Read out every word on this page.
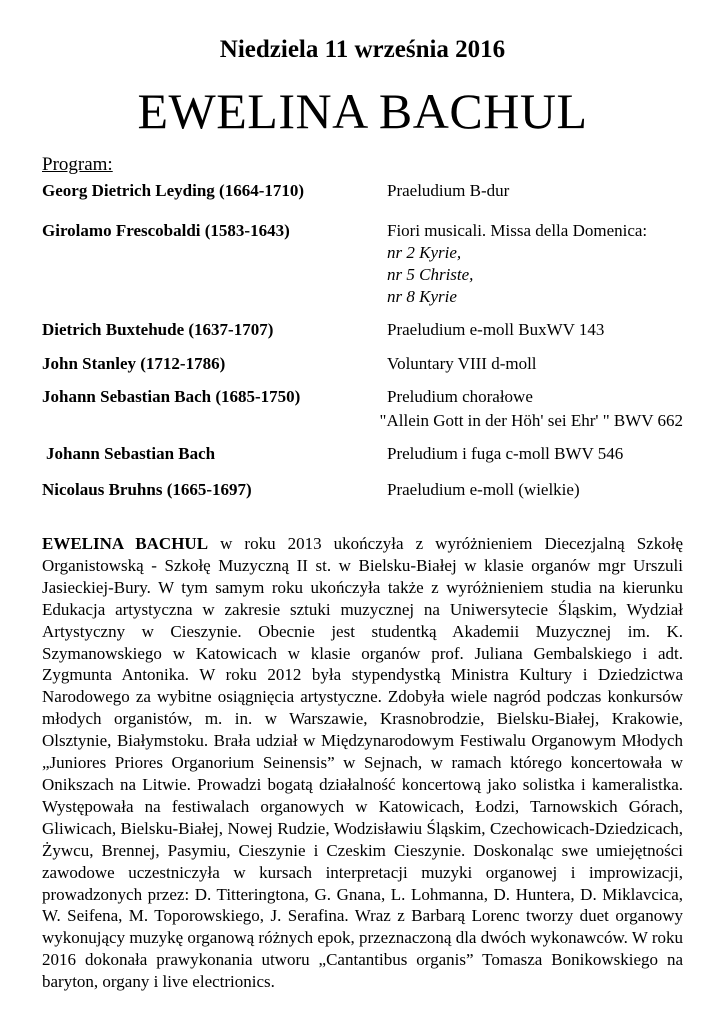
Niedziela 11 września 2016
EWELINA BACHUL
Program:
Georg Dietrich Leyding (1664-1710)	Praeludium B-dur
Girolamo Frescobaldi (1583-1643)	Fiori musicali. Missa della Domenica:
nr 2 Kyrie,
nr 5 Christe,
nr 8 Kyrie
Dietrich Buxtehude (1637-1707)	Praeludium e-moll BuxWV 143
John Stanley (1712-1786)	Voluntary VIII d-moll
Johann Sebastian Bach (1685-1750)	Preludium chorałowe
"Allein Gott in der Höh' sei Ehr' " BWV 662
Johann Sebastian Bach	Preludium i fuga c-moll BWV 546
Nicolaus Bruhns (1665-1697)	Praeludium e-moll (wielkie)
EWELINA BACHUL w roku 2013 ukończyła z wyróżnieniem Diecezjalną Szkołę Organistowską - Szkołę Muzyczną II st. w Bielsku-Białej w klasie organów mgr Urszuli Jasieckiej-Bury. W tym samym roku ukończyła także z wyróżnieniem studia na kierunku Edukacja artystyczna w zakresie sztuki muzycznej na Uniwersytecie Śląskim, Wydział Artystyczny w Cieszynie. Obecnie jest studentką Akademii Muzycznej im. K. Szymanowskiego w Katowicach w klasie organów prof. Juliana Gembalskiego i adt. Zygmunta Antonika. W roku 2012 była stypendystką Ministra Kultury i Dziedzictwa Narodowego za wybitne osiągnięcia artystyczne. Zdobyła wiele nagród podczas konkursów młodych organistów, m. in. w Warszawie, Krasnobrodzie, Bielsku-Białej, Krakowie, Olsztynie, Białymstoku. Brała udział w Międzynarodowym Festiwalu Organowym Młodych „Juniores Priores Organorium Seinensis” w Sejnach, w ramach którego koncertowała w Onikszach na Litwie. Prowadzi bogatą działalność koncertową jako solistka i kameralistka. Występowała na festiwalach organowych w Katowicach, Łodzi, Tarnowskich Górach, Gliwicach, Bielsku-Białej, Nowej Rudzie, Wodzisławiu Śląskim, Czechowicach-Dziedzicach, Żywcu, Brennej, Pasymiu, Cieszynie i Czeskim Cieszynie. Doskonaląc swe umiejętności zawodowe uczestniczyła w kursach interpretacji muzyki organowej i improwizacji, prowadzonych przez: D. Titteringtona, G. Gnana, L. Lohmanna, D. Huntera, D. Miklavcica, W. Seifena, M. Toporowskiego, J. Serafina. Wraz z Barbarą Lorenc tworzy duet organowy wykonujący muzykę organową różnych epok, przeznaczoną dla dwóch wykonawców. W roku 2016 dokonała prawykonania utworu „Cantantibus organis” Tomasza Bonikowskiego na baryton, organy i live electrionics.
